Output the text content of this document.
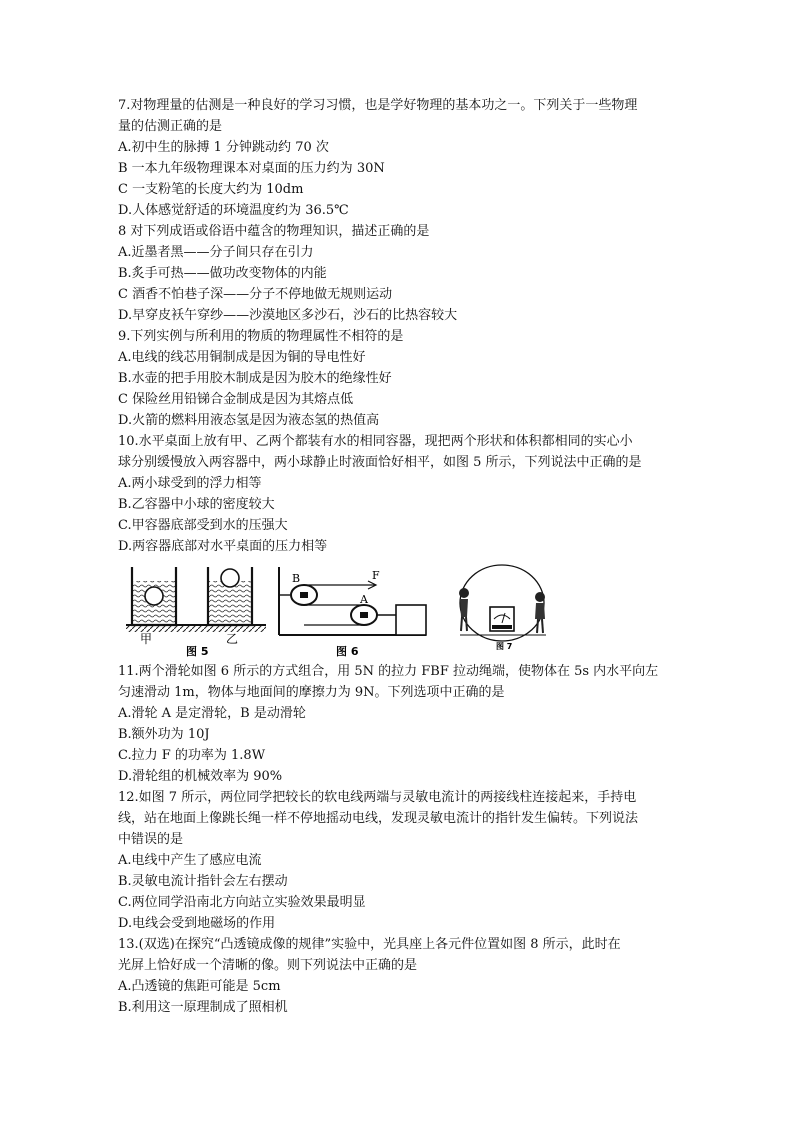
7.对物理量的估测是一种良好的学习习惯，也是学好物理的基本功之一。下列关于一些物理
量的估测正确的是
A.初中生的脉搏 1 分钟跳动约 70 次
B 一本九年级物理课本对桌面的压力约为 30N
C 一支粉笔的长度大约为 10dm
D.人体感觉舒适的环境温度约为 36.5℃
8 对下列成语或俗语中蕴含的物理知识，描述正确的是
A.近墨者黑——分子间只存在引力
B.炙手可热——做功改变物体的内能
C 酒香不怕巷子深——分子不停地做无规则运动
D.早穿皮袄午穿纱——沙漠地区多沙石，沙石的比热容较大
9.下列实例与所利用的物质的物理属性不相符的是
A.电线的线芯用铜制成是因为铜的导电性好
B.水壶的把手用胶木制成是因为胶木的绝缘性好
C 保险丝用铅锑合金制成是因为其熔点低
D.火箭的燃料用液态氢是因为液态氢的热值高
10.水平桌面上放有甲、乙两个都装有水的相同容器，现把两个形状和体积都相同的实心小
球分别缓慢放入两容器中，两小球静止时液面恰好相平，如图 5 所示，下列说法中正确的是
A.两小球受到的浮力相等
B.乙容器中小球的密度较大
C.甲容器底部受到水的压强大
D.两容器底部对水平桌面的压力相等
甲	乙
图 5
B	F
A
图 6	图 7
11.两个滑轮如图 6 所示的方式组合，用 5N 的拉力 FBF 拉动绳端，使物体在 5s 内水平向左
匀速滑动 1m，物体与地面间的摩擦力为 9N。下列选项中正确的是
A.滑轮 A 是定滑轮，B 是动滑轮
B.额外功为 10J
C.拉力 F 的功率为 1.8W
D.滑轮组的机械效率为 90%
12.如图 7 所示，两位同学把较长的软电线两端与灵敏电流计的两接线柱连接起来，手持电
线，站在地面上像跳长绳一样不停地摇动电线，发现灵敏电流计的指针发生偏转。下列说法
中错误的是
A.电线中产生了感应电流
B.灵敏电流计指针会左右摆动
C.两位同学沿南北方向站立实验效果最明显
D.电线会受到地磁场的作用
13.(双选)在探究“凸透镜成像的规律”实验中，光具座上各元件位置如图 8 所示，此时在
光屏上恰好成一个清晰的像。则下列说法中正确的是
A.凸透镜的焦距可能是 5cm
B.利用这一原理制成了照相机
